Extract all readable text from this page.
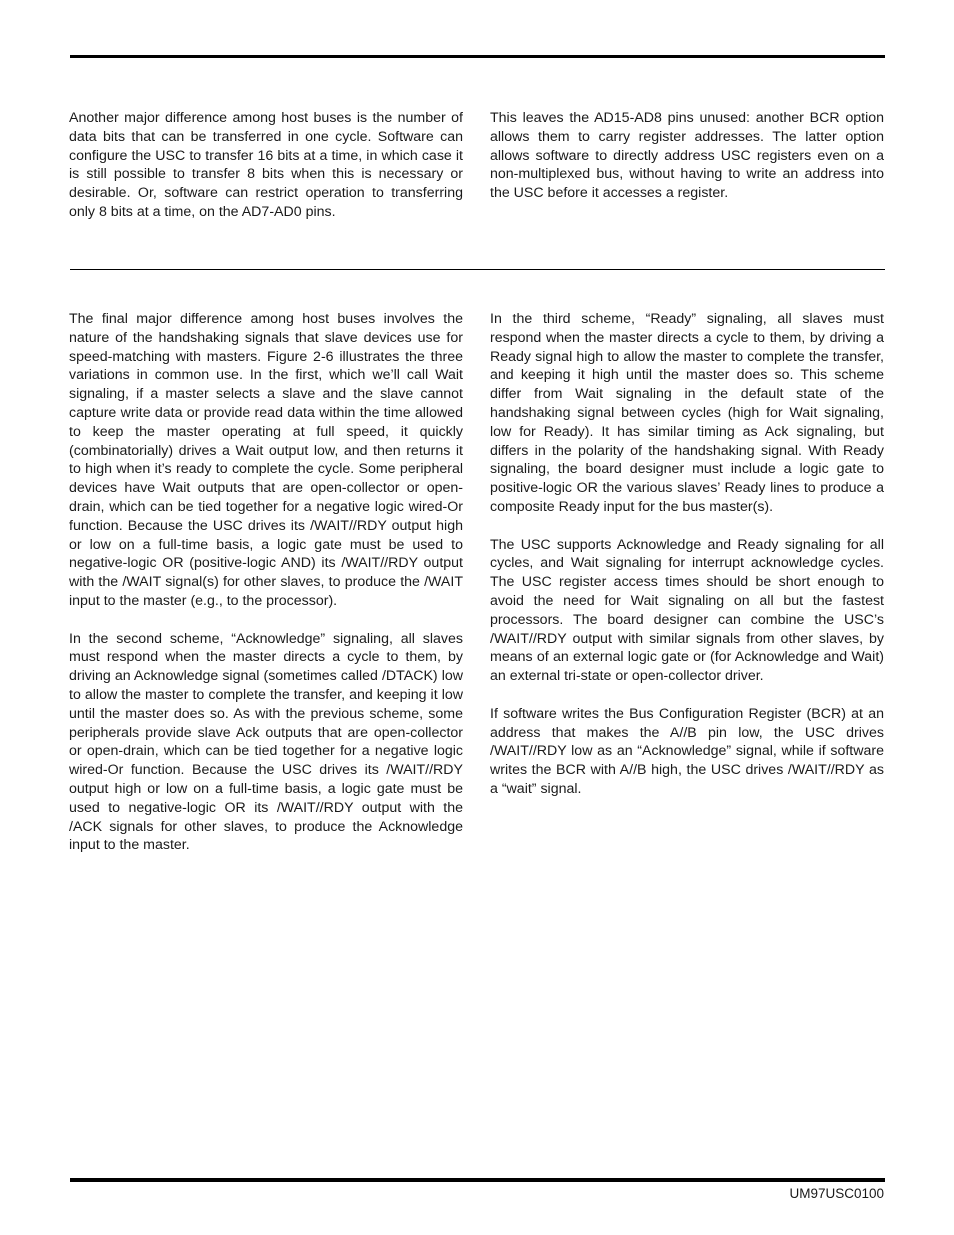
Another major difference among host buses is the number of data bits that can be transferred in one cycle. Software can configure the USC to transfer 16 bits at a time, in which case it is still possible to transfer 8 bits when this is necessary or desirable. Or, software can restrict operation to transferring only 8 bits at a time, on the AD7-AD0 pins.

This leaves the AD15-AD8 pins unused: another BCR option allows them to carry register addresses. The latter option allows software to directly address USC registers even on a non-multiplexed bus, without having to write an address into the USC before it accesses a register.

The final major difference among host buses involves the nature of the handshaking signals that slave devices use for speed-matching with masters. Figure 2-6 illustrates the three variations in common use. In the first, which we’ll call Wait signaling, if a master selects a slave and the slave cannot capture write data or provide read data within the time allowed to keep the master operating at full speed, it quickly (combinatorially) drives a Wait output low, and then returns it to high when it’s ready to complete the cycle. Some peripheral devices have Wait outputs that are open-collector or open-drain, which can be tied together for a negative logic wired-Or function. Because the USC drives its /WAIT//RDY output high or low on a full-time basis, a logic gate must be used to negative-logic OR (positive-logic AND) its /WAIT//RDY output with the /WAIT signal(s) for other slaves, to produce the /WAIT input to the master (e.g., to the processor).

In the second scheme, “Acknowledge” signaling, all slaves must respond when the master directs a cycle to them, by driving an Acknowledge signal (sometimes called /DTACK) low to allow the master to complete the transfer, and keeping it low until the master does so. As with the previous scheme, some peripherals provide slave Ack outputs that are open-collector or open-drain, which can be tied together for a negative logic wired-Or function. Because the USC drives its /WAIT//RDY output high or low on a full-time basis, a logic gate must be used to negative-logic OR its /WAIT//RDY output with the /ACK signals for other slaves, to produce the Acknowledge input to the master.

In the third scheme, “Ready” signaling, all slaves must respond when the master directs a cycle to them, by driving a Ready signal high to allow the master to complete the transfer, and keeping it high until the master does so. This scheme differ from Wait signaling in the default state of the handshaking signal between cycles (high for Wait signaling, low for Ready). It has similar timing as Ack signaling, but differs in the polarity of the handshaking signal. With Ready signaling, the board designer must include a logic gate to positive-logic OR the various slaves’ Ready lines to produce a composite Ready input for the bus master(s).

The USC supports Acknowledge and Ready signaling for all cycles, and Wait signaling for interrupt acknowledge cycles. The USC register access times should be short enough to avoid the need for Wait signaling on all but the fastest processors. The board designer can combine the USC’s /WAIT//RDY output with similar signals from other slaves, by means of an external logic gate or (for Acknowledge and Wait) an external tri-state or open-collector driver.

If software writes the Bus Configuration Register (BCR) at an address that makes the A//B pin low, the USC drives /WAIT//RDY low as an “Acknowledge” signal, while if software writes the BCR with A//B high, the USC drives /WAIT//RDY as a “wait” signal.

UM97USC0100
